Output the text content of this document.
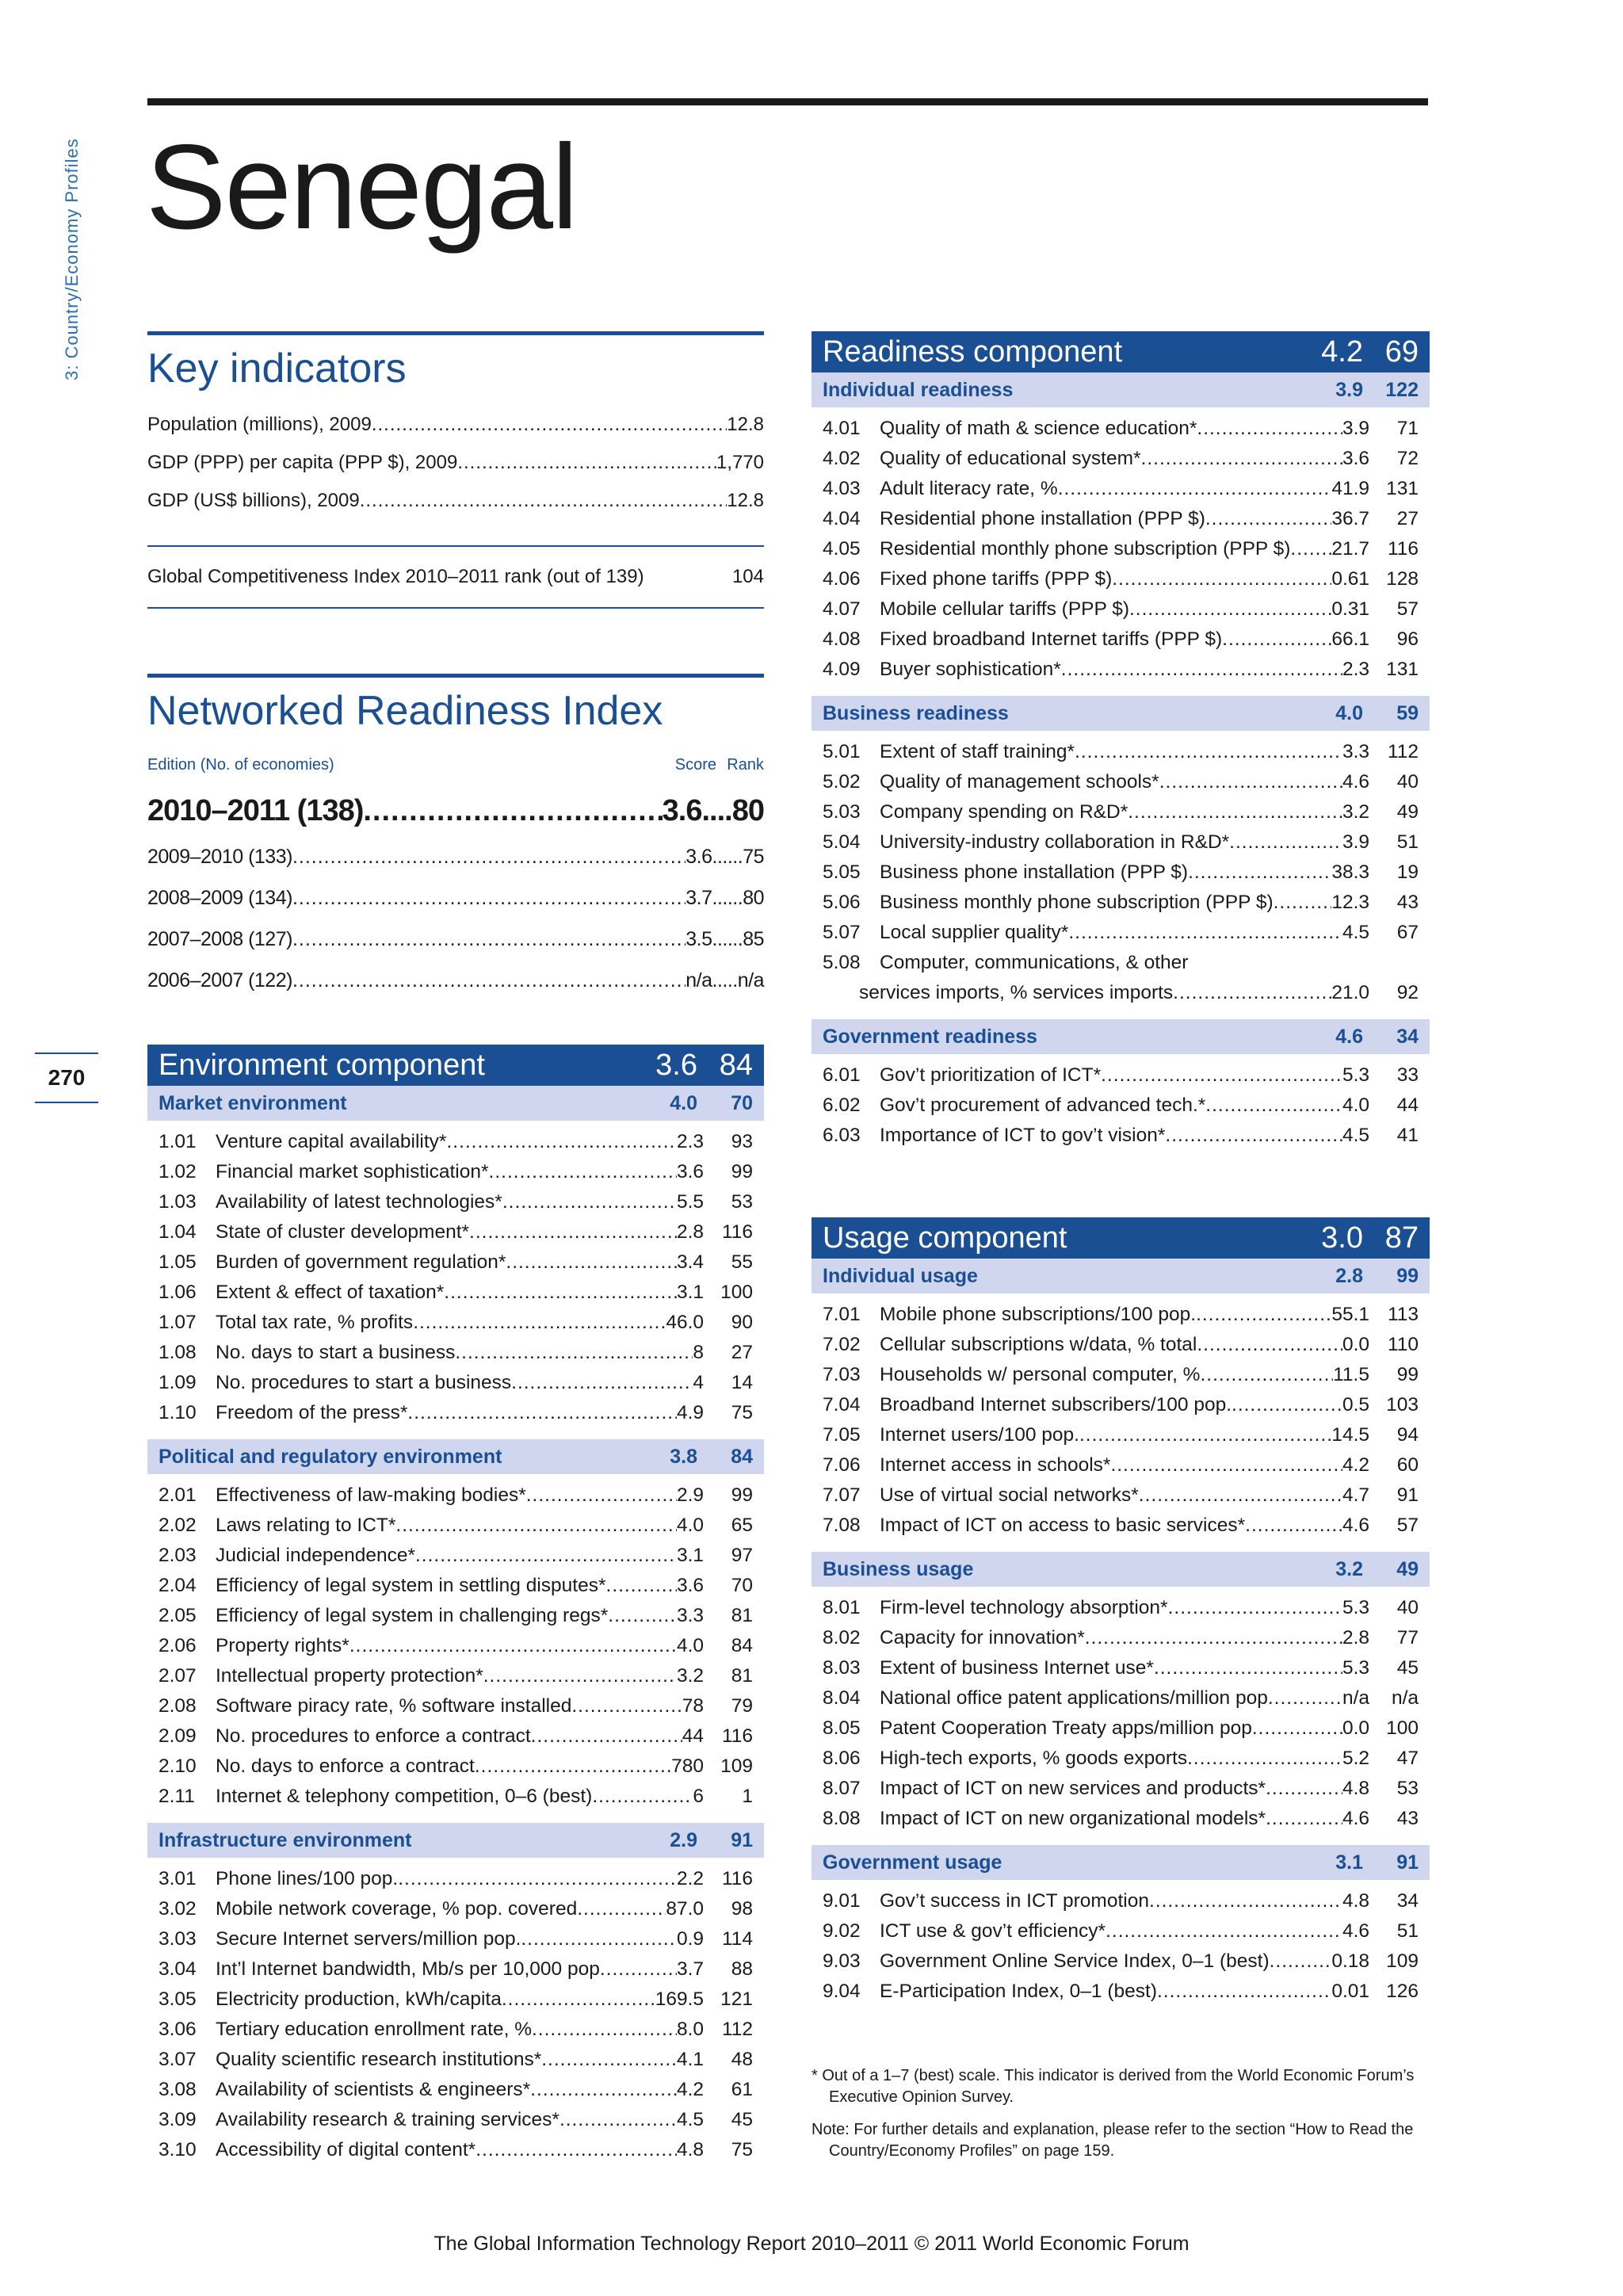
3: Country/Economy Profiles
270
Senegal
Key indicators
Population (millions), 2009 .....	12.8
GDP (PPP) per capita (PPP $), 2009 .....	1,770
GDP (US$ billions), 2009 .....	12.8
Global Competitiveness Index 2010–2011 rank (out of 139)	104
Networked Readiness Index
Edition (No. of economies)	Score Rank
2010–2011 (138) .....	3.6 .... 80
2009–2010 (133) .....	3.6 ...... 75
2008–2009 (134) .....	3.7 ...... 80
2007–2008 (127) .....	3.5 ...... 85
2006–2007 (122) .....	n/a ..... n/a
Environment component	3.6 84
Market environment	4.0	70
1.01 Venture capital availability* .....	2.3	93
1.02 Financial market sophistication* .....	3.6	99
1.03 Availability of latest technologies* .....	5.5	53
1.04 State of cluster development* .....	2.8 116
1.05 Burden of government regulation* .....	3.4	55
1.06 Extent & effect of taxation* .....	3.1 100
1.07 Total tax rate, % profits .....	46.0	90
1.08 No. days to start a business .....	8	27
1.09 No. procedures to start a business .....	4	14
1.10 Freedom of the press* .....	4.9	75
Political and regulatory environment	3.8	84
2.01 Effectiveness of law-making bodies* .....	2.9	99
2.02 Laws relating to ICT* .....	4.0	65
2.03 Judicial independence* .....	3.1	97
2.04 Efficiency of legal system in settling disputes* .....	3.6	70
2.05 Efficiency of legal system in challenging regs* .....	3.3	81
2.06 Property rights* .....	4.0	84
2.07 Intellectual property protection* .....	3.2	81
2.08 Software piracy rate, % software installed .....	78	79
2.09 No. procedures to enforce a contract .....	44 116
2.10 No. days to enforce a contract .....	780 109
2.11	Internet & telephony competition, 0–6 (best) .....	6	1
Infrastructure environment	2.9	91
3.01 Phone lines/100 pop. .....	2.2 116
3.02 Mobile network coverage, % pop. covered .....	87.0	98
3.03 Secure Internet servers/million pop. .....	0.9 114
3.04 Int’l Internet bandwidth, Mb/s per 10,000 pop .....	3.7	88
3.05 Electricity production, kWh/capita .....	169.5 121
3.06 Tertiary education enrollment rate, % .....	8.0 112
3.07 Quality scientific research institutions* .....	4.1	48
3.08 Availability of scientists & engineers* .....	4.2	61
3.09 Availability research & training services* .....	4.5	45
3.10 Accessibility of digital content* .....	4.8	75
Readiness component	4.2 69
Individual readiness	3.9	122
4.01 Quality of math & science education* .....	3.9	71
4.02 Quality of educational system* .....	3.6	72
4.03 Adult literacy rate, % .....	41.9 131
4.04 Residential phone installation (PPP $) .....	36.7	27
4.05 Residential monthly phone subscription (PPP $) ..... 21.7 116
4.06 Fixed phone tariffs (PPP $) .....	0.61 128
4.07 Mobile cellular tariffs (PPP $) .....	0.31	57
4.08 Fixed broadband Internet tariffs (PPP $) .....	66.1	96
4.09 Buyer sophistication* .....	2.3 131
Business readiness	4.0	59
5.01 Extent of staff training* .....	3.3 112
5.02 Quality of management schools* .....	4.6	40
5.03 Company spending on R&D* .....	3.2	49
5.04 University-industry collaboration in R&D* .....	3.9	51
5.05 Business phone installation (PPP $) .....	38.3	19
5.06 Business monthly phone subscription (PPP $) .....	12.3	43
5.07 Local supplier quality* .....	4.5	67
5.08 Computer, communications, & other
services imports, % services imports .....	21.0	92
Government readiness	4.6	34
6.01 Gov’t prioritization of ICT* .....	5.3	33
6.02 Gov’t procurement of advanced tech.* .....	4.0	44
6.03 Importance of ICT to gov’t vision* .....	4.5	41
Usage component	3.0 87
Individual usage	2.8	99
7.01 Mobile phone subscriptions/100 pop. .....	55.1 113
7.02 Cellular subscriptions w/data, % total .....	0.0 110
7.03 Households w/ personal computer, % .....	11.5	99
7.04 Broadband Internet subscribers/100 pop. .....	0.5 103
7.05 Internet users/100 pop. .....	14.5	94
7.06 Internet access in schools* .....	4.2	60
7.07 Use of virtual social networks* .....	4.7	91
7.08 Impact of ICT on access to basic services* .....	4.6	57
Business usage	3.2	49
8.01 Firm-level technology absorption* .....	5.3	40
8.02 Capacity for innovation* .....	2.8	77
8.03 Extent of business Internet use* .....	5.3	45
8.04 National office patent applications/million pop .....	n/a	n/a
8.05 Patent Cooperation Treaty apps/million pop .....	0.0 100
8.06 High-tech exports, % goods exports .....	5.2	47
8.07 Impact of ICT on new services and products* .....	4.8	53
8.08 Impact of ICT on new organizational models* .....	4.6	43
Government usage	3.1	91
9.01 Gov’t success in ICT promotion .....	4.8	34
9.02 ICT use & gov’t efficiency* .....	4.6	51
9.03 Government Online Service Index, 0–1 (best) .....	0.18 109
9.04 E-Participation Index, 0–1 (best) .....	0.01 126

* Out of a 1–7 (best) scale. This indicator is derived from the World Economic Forum’s Executive Opinion Survey.

Note: For further details and explanation, please refer to the section “How to Read the Country/Economy Profiles” on page 159.

The Global Information Technology Report 2010–2011 © 2011 World Economic Forum
